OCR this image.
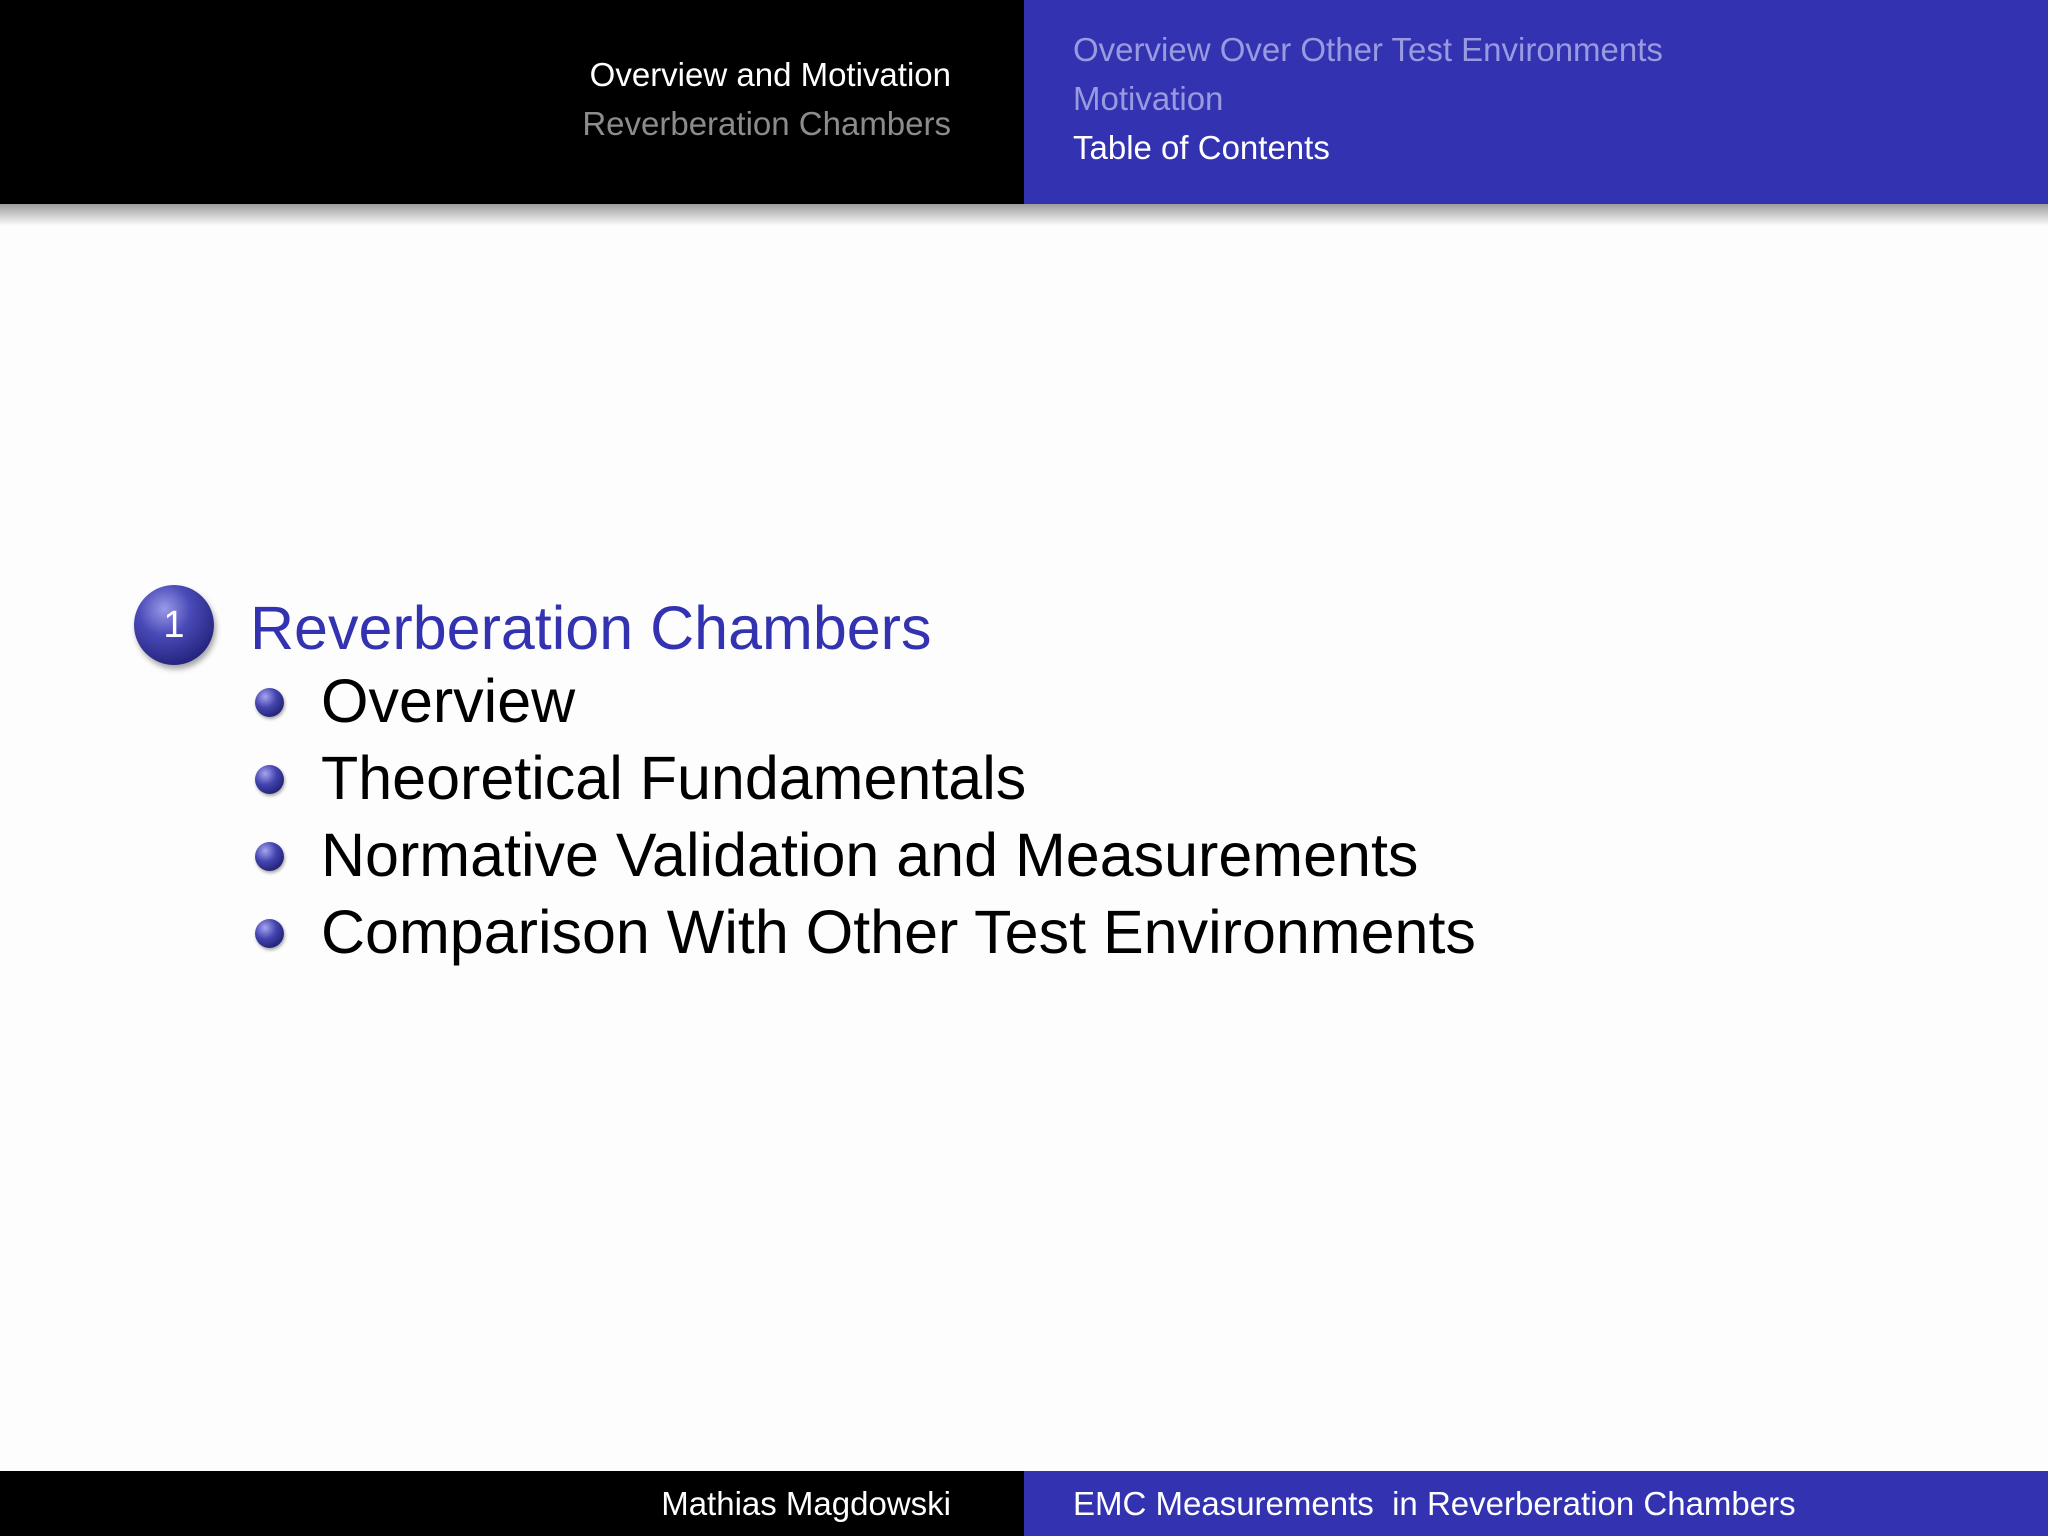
Overview and Motivation
Reverberation Chambers
Overview Over Other Test Environments
Motivation
Table of Contents
1	Reverberation Chambers
Overview
Theoretical Fundamentals
Normative Validation and Measurements
Comparison With Other Test Environments
Mathias Magdowski	EMC Measurements  in Reverberation Chambers
